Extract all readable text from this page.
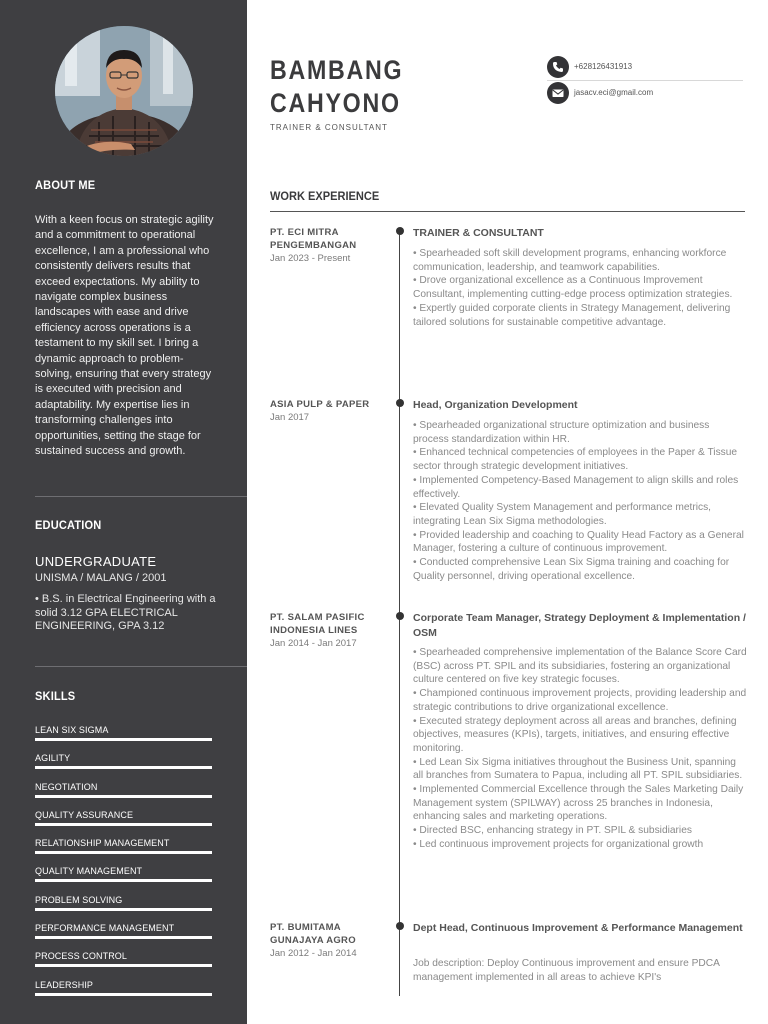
ABOUT ME

With a keen focus on strategic agility and a commitment to operational excellence, I am a professional who consistently delivers results that exceed expectations. My ability to navigate complex business landscapes with ease and drive efficiency across operations is a testament to my skill set. I bring a dynamic approach to problem-solving, ensuring that every strategy is executed with precision and adaptability. My expertise lies in transforming challenges into opportunities, setting the stage for sustained success and growth.

EDUCATION
UNDERGRADUATE
UNISMA / MALANG / 2001

• B.S. in Electrical Engineering with a solid 3.12 GPA ELECTRICAL ENGINEERING, GPA 3.12

SKILLS
LEAN SIX SIGMA
AGILITY
NEGOTIATION
QUALITY ASSURANCE
RELATIONSHIP MANAGEMENT
QUALITY MANAGEMENT
PROBLEM SOLVING
PERFORMANCE MANAGEMENT
PROCESS CONTROL
LEADERSHIP
BAMBANG
CAHYONO
TRAINER & CONSULTANT
+628126431913
jasacv.eci@gmail.com
WORK EXPERIENCE
PT. ECI MITRA PENGEMBANGAN
Jan 2023 - Present
TRAINER & CONSULTANT

• Spearheaded soft skill development programs, enhancing workforce communication, leadership, and teamwork capabilities.
• Drove organizational excellence as a Continuous Improvement Consultant, implementing cutting-edge process optimization strategies.
• Expertly guided corporate clients in Strategy Management, delivering tailored solutions for sustainable competitive advantage.

ASIA PULP & PAPER
Jan 2017
Head, Organization Development

• Spearheaded organizational structure optimization and business process standardization within HR.
• Enhanced technical competencies of employees in the Paper & Tissue sector through strategic development initiatives.
• Implemented Competency-Based Management to align skills and roles effectively.
• Elevated Quality System Management and performance metrics, integrating Lean Six Sigma methodologies.
• Provided leadership and coaching to Quality Head Factory as a General Manager, fostering a culture of continuous improvement.
• Conducted comprehensive Lean Six Sigma training and coaching for Quality personnel, driving operational excellence.

PT. SALAM PASIFIC INDONESIA LINES
Jan 2014 - Jan 2017
Corporate Team Manager, Strategy Deployment & Implementation / OSM

• Spearheaded comprehensive implementation of the Balance Score Card (BSC) across PT. SPIL and its subsidiaries, fostering an organizational culture centered on five key strategic focuses.
• Championed continuous improvement projects, providing leadership and strategic contributions to drive organizational excellence.
• Executed strategy deployment across all areas and branches, defining objectives, measures (KPIs), targets, initiatives, and ensuring effective monitoring.
• Led Lean Six Sigma initiatives throughout the Business Unit, spanning all branches from Sumatera to Papua, including all PT. SPIL subsidiaries.
• Implemented Commercial Excellence through the Sales Marketing Daily Management system (SPILWAY) across 25 branches in Indonesia, enhancing sales and marketing operations.
• Directed BSC, enhancing strategy in PT. SPIL & subsidiaries
• Led continuous improvement projects for organizational growth

PT. BUMITAMA GUNAJAYA AGRO
Jan 2012 - Jan 2014
Dept Head, Continuous Improvement & Performance Management

Job description: Deploy Continuous improvement and ensure PDCA management implemented in all areas to achieve KPI's
